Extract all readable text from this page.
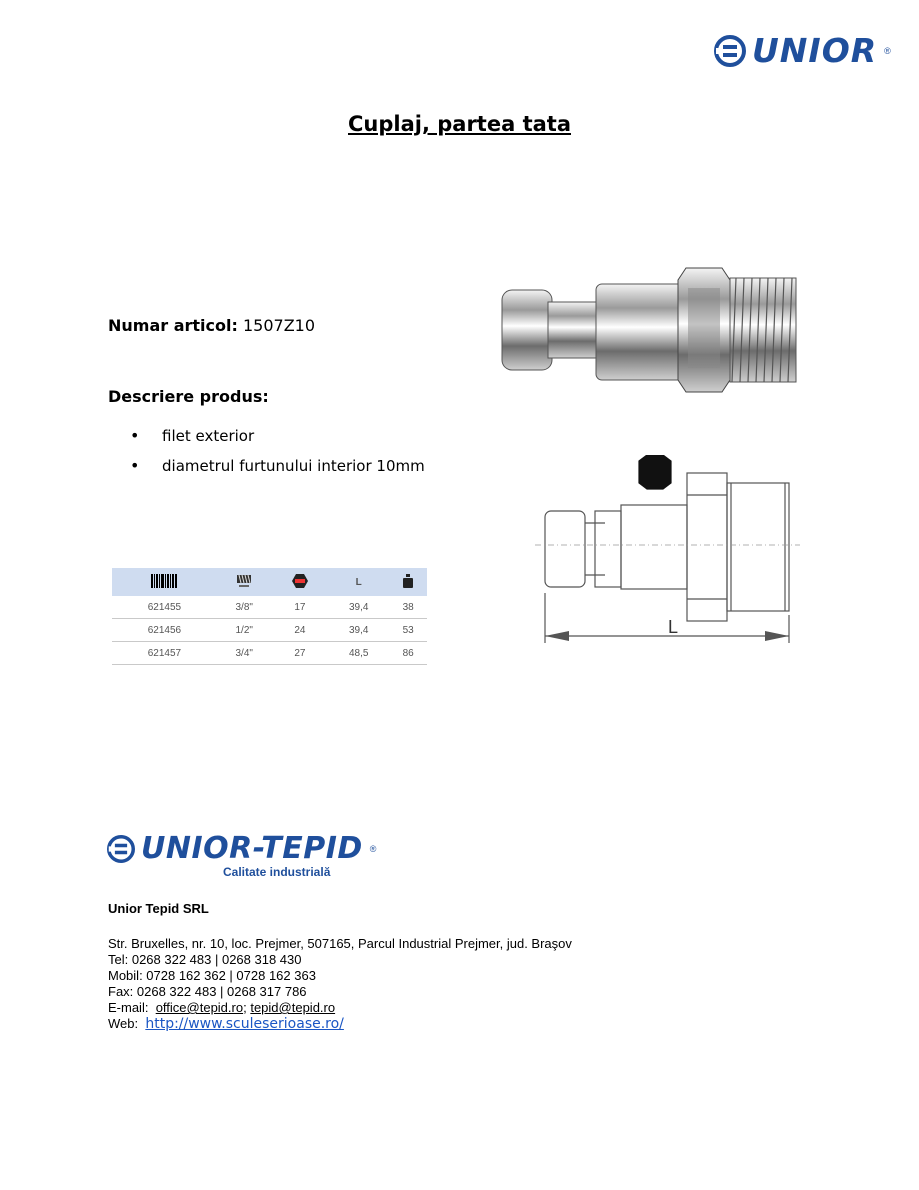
UNIOR ®
Cuplaj, partea tata
Numar articol: 1507Z10
Descriere produs:
•	filet exterior
•	diametrul furtunului interior 10mm
			L	
621455	3/8"	17	39,4	38
621456	1/2"	24	39,4	53
621457	3/4"	27	48,5	86
L
UNIOR-TEPID ®
Calitate industrială
Unior Tepid SRL
Str. Bruxelles, nr. 10, loc. Prejmer, 507165, Parcul Industrial Prejmer, jud. Braşov
Tel: 0268 322 483 | 0268 318 430
Mobil: 0728 162 362 | 0728 162 363
Fax: 0268 322 483 | 0268 317 786
E-mail: office@tepid.ro; tepid@tepid.ro
Web: http://www.sculeserioase.ro/
